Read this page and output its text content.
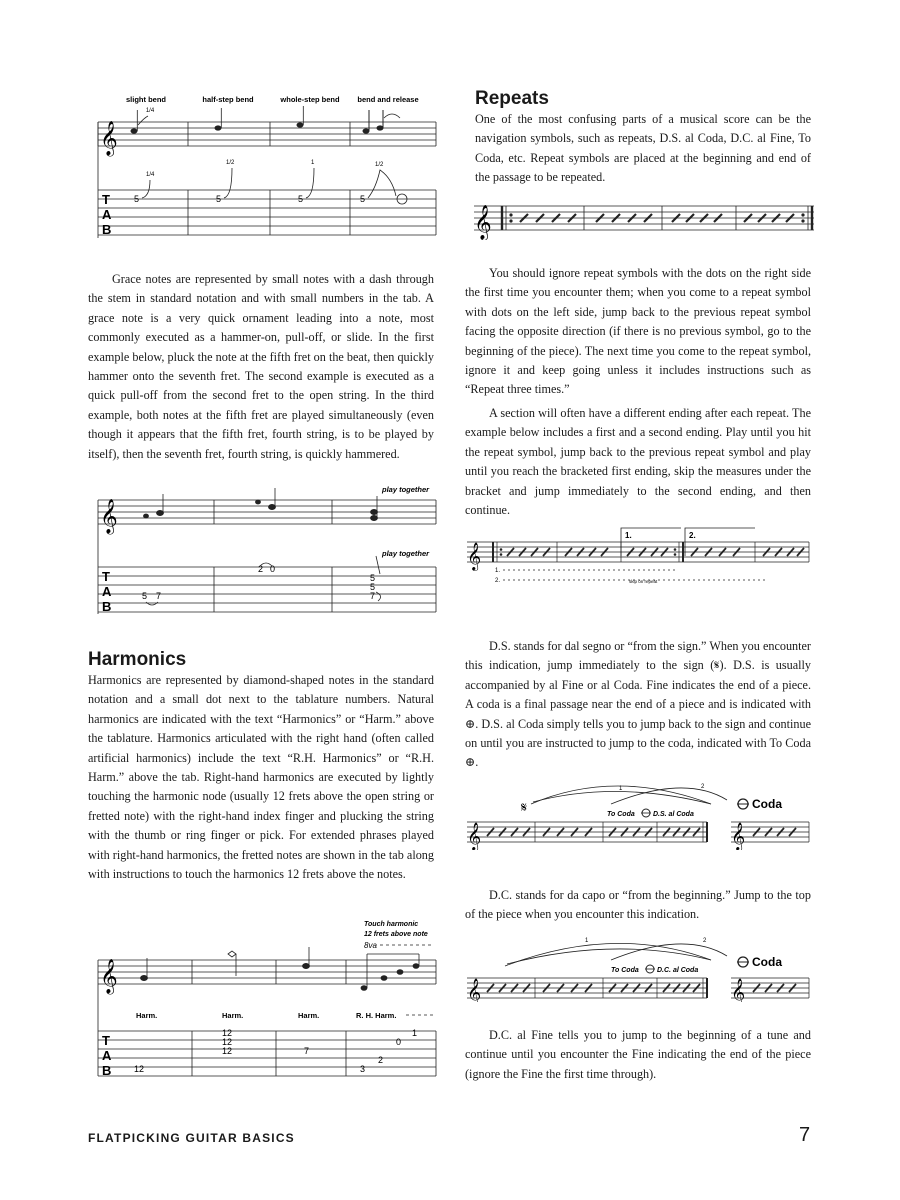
slight bend	half-step bend	whole-step bend bend and release
1/4
𝄞
T
A
B
5	5	5	5
1/4
1/2	1	1/2

Grace notes are represented by small notes with a dash through the stem in standard notation and with small numbers in the tab. A grace note is a very quick ornament leading into a note, most commonly executed as a hammer-on, pull-off, or slide. In the first example below, pluck the note at the fifth fret on the beat, then quickly hammer onto the seventh fret. The second example is executed as a quick pull-off from the second fret to the open string. In the third example, both notes at the fifth fret are played simultaneously (even though it appears that the fifth fret, fourth string, is to be played by itself), then the seventh fret, fourth string, is quickly hammered.

play together
𝄞
play together
T
A
B
5 7
2 0
5
5
7
Harmonics

Harmonics are represented by diamond-shaped notes in the standard notation and a small dot next to the tablature numbers. Natural harmonics are indicated with the text “Harmonics” or “Harm.” above the tablature. Harmonics articulated with the right hand (often called artificial harmonics) include the text “R.H. Harmonics” or “R.H. Harm.” above the tab. Right-hand harmonics are executed by lightly touching the harmonic node (usually 12 frets above the open string or fretted note) with the right-hand index finger and plucking the string with the thumb or ring finger or pick. For extended phrases played with right-hand harmonics, the fretted notes are shown in the tab along with instructions to touch the harmonics 12 frets above the notes.

Touch harmonic
12 frets above note
8va
𝄞
Harm.	Harm.	Harm.	R. H. Harm.
T
A
B	12
12
12
12	7
2
0
1
3
Repeats

One of the most confusing parts of a musical score can be the navigation symbols, such as repeats, D.S. al Coda, D.C. al Fine, To Coda, etc. Repeat symbols are placed at the beginning and end of the passage to be repeated.

𝄞

You should ignore repeat symbols with the dots on the right side the first time you encounter them; when you come to a repeat symbol with dots on the left side, jump back to the previous repeat symbol facing the opposite direction (if there is no previous symbol, go to the beginning of the piece). The next time you come to the repeat symbol, ignore it and keep going unless it includes instructions such as “Repeat three times.”

A section will often have a different ending after each repeat. The example below includes a first and a second ending. Play until you hit the repeat symbol, jump back to the previous repeat symbol and play until you reach the bracketed first ending, skip the measures under the bracket and jump immediately to the second ending, and then continue.

1.	2.
𝄞
1.
2.	skip on repeat

D.S. stands for dal segno or “from the sign.” When you encounter this indication, jump immediately to the sign (𝄋). D.S. is usually accompanied by al Fine or al Coda. Fine indicates the end of a piece. A coda is a final passage near the end of a piece and is indicated with ⊕. D.S. al Coda simply tells you to jump back to the sign and continue on until you are instructed to jump to the coda, indicated with To Coda ⊕.

1	2
𝄋	To Coda	D.S. al Coda
Coda
𝄞	𝄞

D.C. stands for da capo or “from the beginning.” Jump to the top of the piece when you encounter this indication.

1	2
To Coda	D.C. al Coda
Coda
𝄞	𝄞

D.C. al Fine tells you to jump to the beginning of a tune and continue until you encounter the Fine indicating the end of the piece (ignore the Fine the first time through).

FLATPICKING GUITAR BASICS	7
